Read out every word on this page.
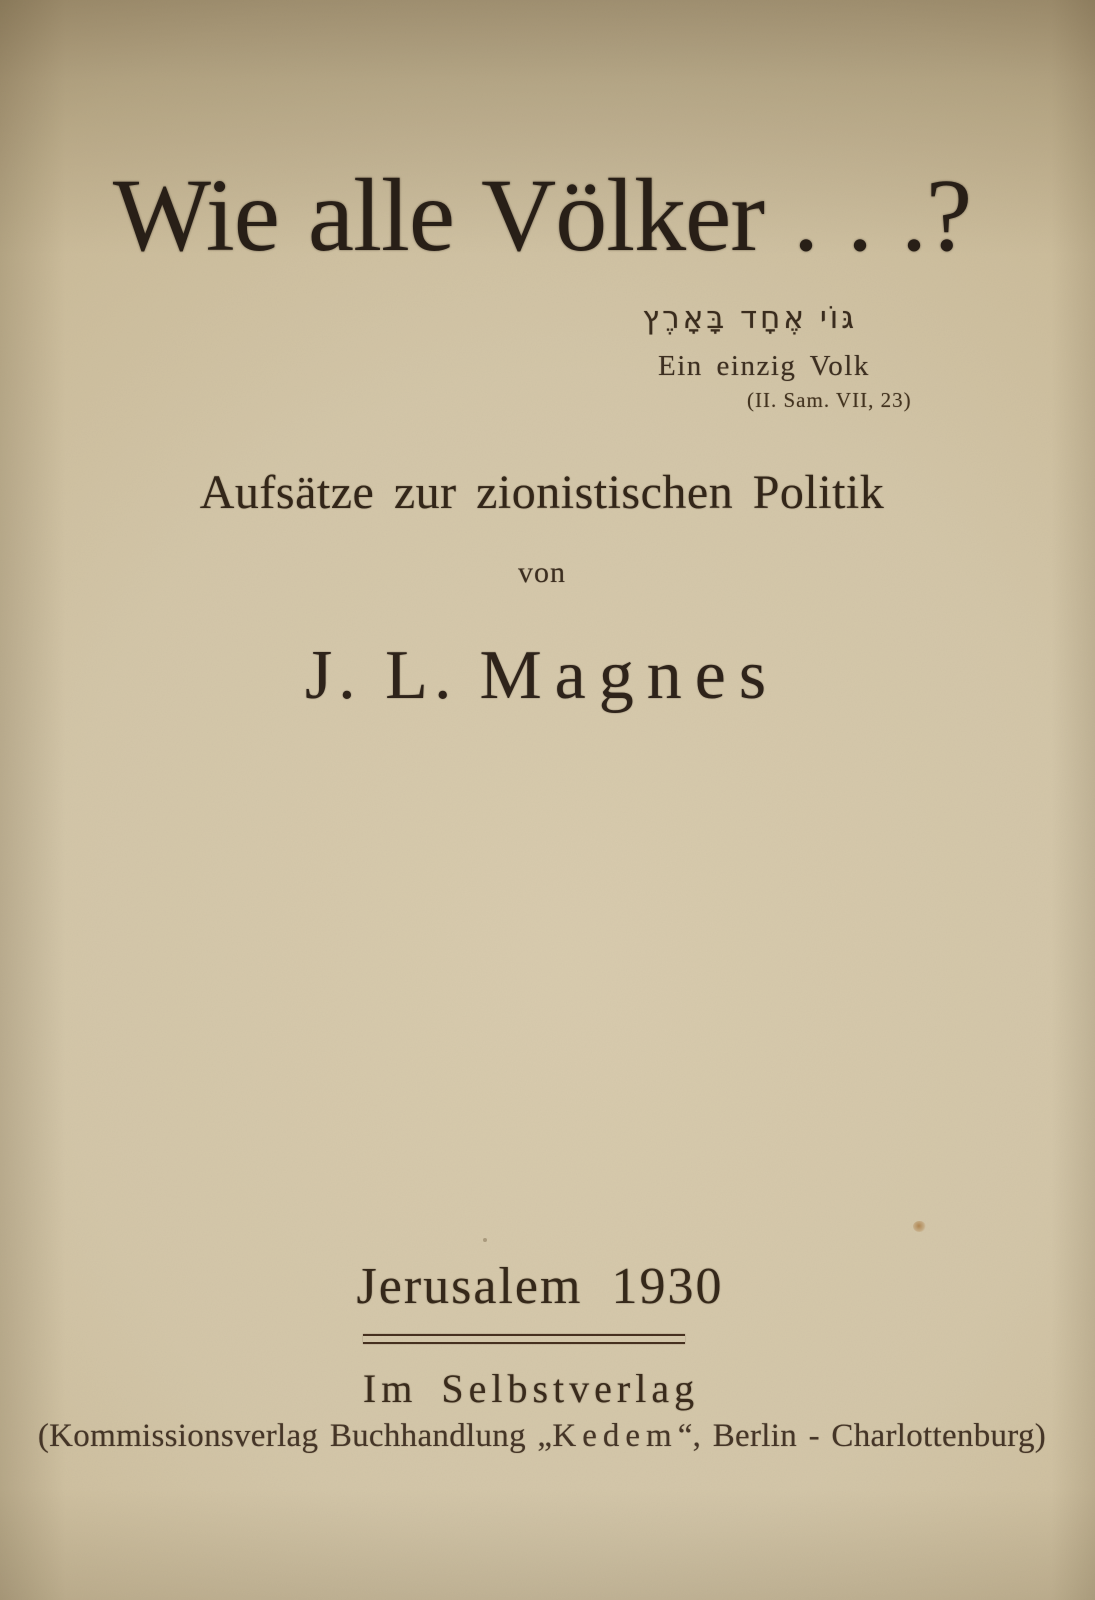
Wie alle Völker . . .?
גּוֹי אֶחָד בָּאָרֶץ
Ein einzig Volk
(II. Sam. VII, 23)
Aufsätze zur zionistischen Politik
von
J. L. Magnes
Jerusalem 1930
Im Selbstverlag
(Kommissionsverlag Buchhandlung „Kedem“, Berlin - Charlottenburg)
